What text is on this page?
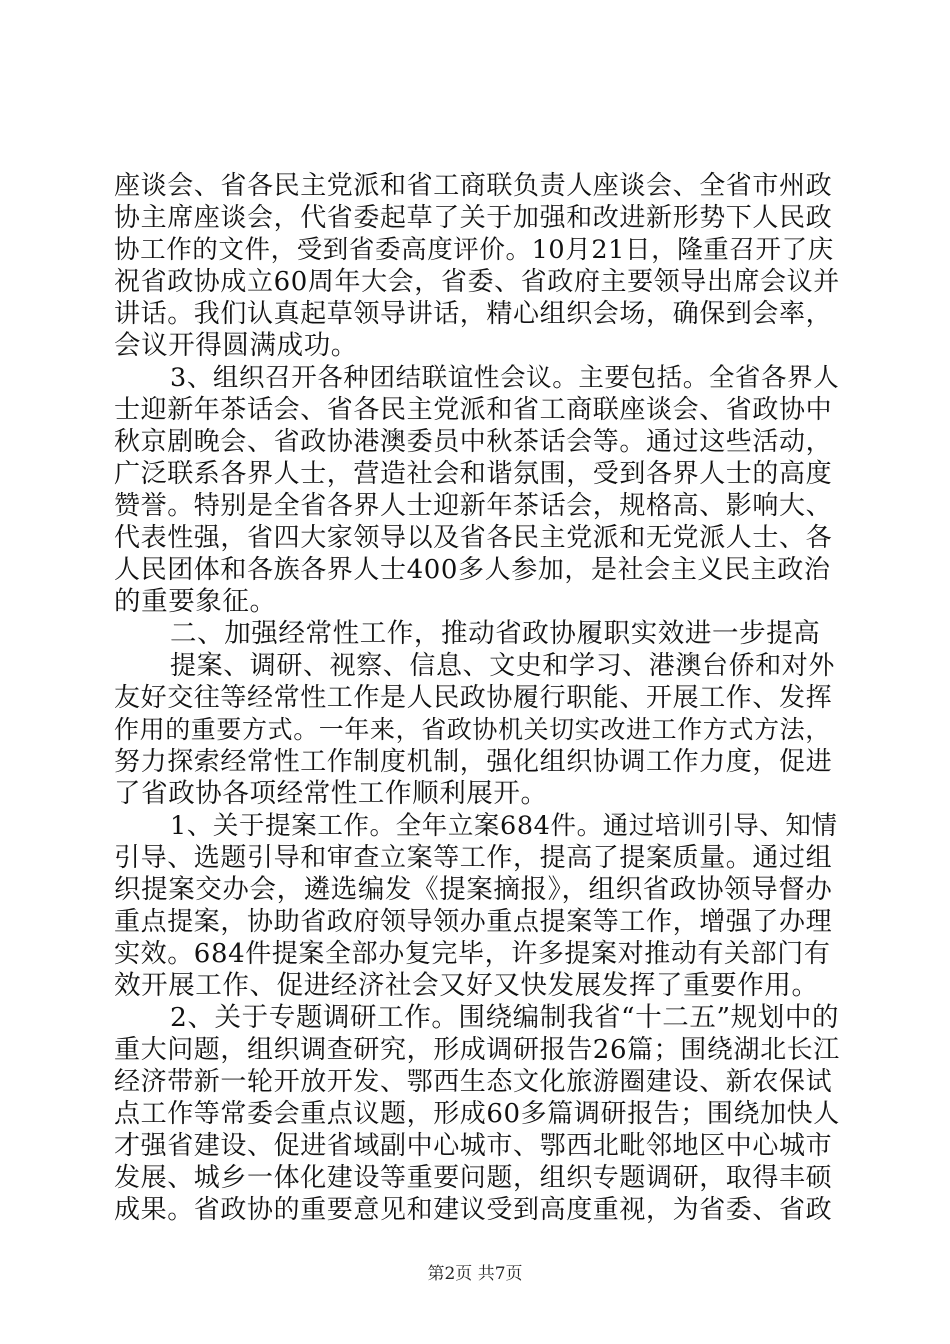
座谈会、省各民主党派和省工商联负责人座谈会、全省市州政
协主席座谈会，代省委起草了关于加强和改进新形势下人民政
协工作的文件，受到省委高度评价。10月21日，隆重召开了庆
祝省政协成立60周年大会，省委、省政府主要领导出席会议并
讲话。我们认真起草领导讲话，精心组织会场，确保到会率，
会议开得圆满成功。
3、组织召开各种团结联谊性会议。主要包括。全省各界人
士迎新年茶话会、省各民主党派和省工商联座谈会、省政协中
秋京剧晚会、省政协港澳委员中秋茶话会等。通过这些活动，
广泛联系各界人士，营造社会和谐氛围，受到各界人士的高度
赞誉。特别是全省各界人士迎新年茶话会，规格高、影响大、
代表性强，省四大家领导以及省各民主党派和无党派人士、各
人民团体和各族各界人士400多人参加，是社会主义民主政治
的重要象征。
二、加强经常性工作，推动省政协履职实效进一步提高
提案、调研、视察、信息、文史和学习、港澳台侨和对外
友好交往等经常性工作是人民政协履行职能、开展工作、发挥
作用的重要方式。一年来，省政协机关切实改进工作方式方法，
努力探索经常性工作制度机制，强化组织协调工作力度，促进
了省政协各项经常性工作顺利展开。
1、关于提案工作。全年立案684件。通过培训引导、知情
引导、选题引导和审查立案等工作，提高了提案质量。通过组
织提案交办会，遴选编发《提案摘报》，组织省政协领导督办
重点提案，协助省政府领导领办重点提案等工作，增强了办理
实效。684件提案全部办复完毕，许多提案对推动有关部门有
效开展工作、促进经济社会又好又快发展发挥了重要作用。
2、关于专题调研工作。围绕编制我省“十二五”规划中的
重大问题，组织调查研究，形成调研报告26篇；围绕湖北长江
经济带新一轮开放开发、鄂西生态文化旅游圈建设、新农保试
点工作等常委会重点议题，形成60多篇调研报告；围绕加快人
才强省建设、促进省域副中心城市、鄂西北毗邻地区中心城市
发展、城乡一体化建设等重要问题，组织专题调研，取得丰硕
成果。省政协的重要意见和建议受到高度重视，为省委、省政
第2页 共7页
